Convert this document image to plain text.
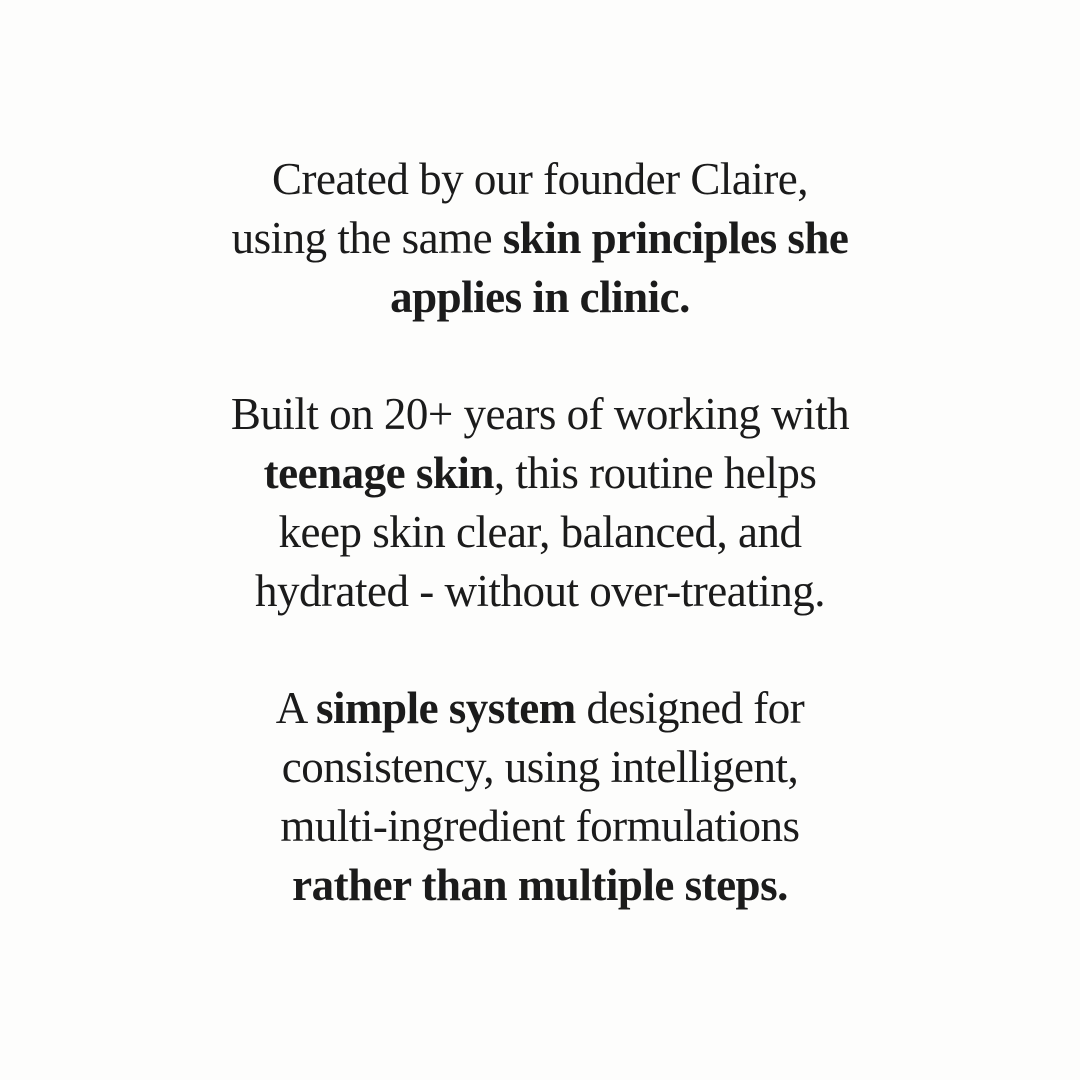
Created by our founder Claire,
using the same skin principles she
applies in clinic.

Built on 20+ years of working with
teenage skin, this routine helps
keep skin clear, balanced, and
hydrated - without over-treating.

A simple system designed for
consistency, using intelligent,
multi-ingredient formulations
rather than multiple steps.
